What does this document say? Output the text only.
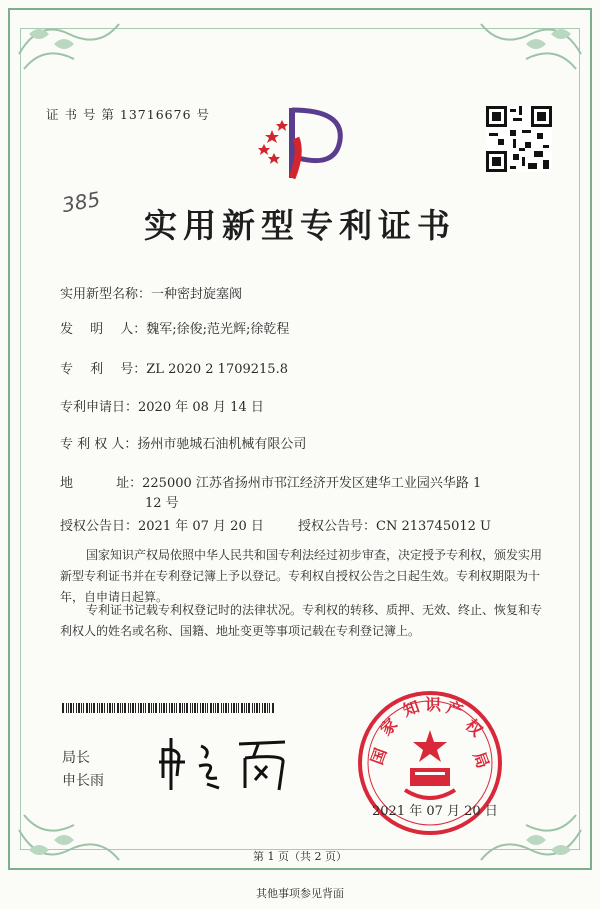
证 书 号 第 13716676 号
385
实用新型专利证书
实用新型名称：一种密封旋塞阀
发　 明　 人：魏军;徐俊;范光辉;徐乾程
专　 利　 号：ZL 2020 2 1709215.8
专利申请日：2020 年 08 月 14 日
专 利 权 人：扬州市驰城石油机械有限公司
地　　　 址：225000 江苏省扬州市邗江经济开发区建华工业园兴华路 1
12 号
授权公告日：2021 年 07 月 20 日	授权公告号：CN 213745012 U
国家知识产权局依照中华人民共和国专利法经过初步审查，决定授予专利权，颁发实用新型专利证书并在专利登记簿上予以登记。专利权自授权公告之日起生效。专利权期限为十年，自申请日起算。
专利证书记载专利权登记时的法律状况。专利权的转移、质押、无效、终止、恢复和专利权人的姓名或名称、国籍、地址变更等事项记载在专利登记簿上。
局长
申长雨
国
家
知 识 产
权
局
2021 年 07 月 20 日
第 1 页（共 2 页）
其他事项参见背面
